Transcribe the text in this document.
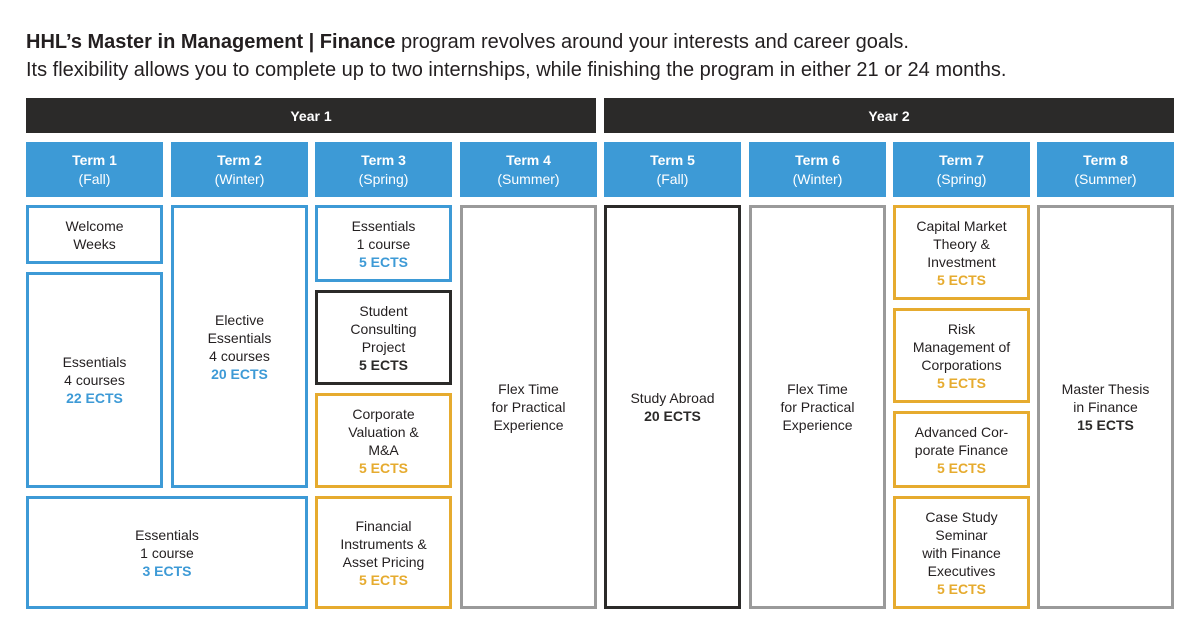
HHL’s Master in Management | Finance program revolves around your interests and career goals.

Its flexibility allows you to complete up to two internships, while finishing the program in either 21 or 24 months.

Year 1	Year 2
Term 1
(Fall)
Term 2
(Winter)
Term 3
(Spring)
Term 4
(Summer)
Term 5
(Fall)
Term 6
(Winter)
Term 7
(Spring)
Term 8
(Summer)
Welcome
Weeks
Essentials
4 courses
22 ECTS
Essentials
1 course
3 ECTS
Elective
Essentials
4 courses
20 ECTS
Essentials
1 course
5 ECTS
Student
Consulting
Project
5 ECTS
Corporate
Valuation &
M&A
5 ECTS
Financial
Instruments &
Asset Pricing
5 ECTS
Flex Time
for Practical
Experience
Study Abroad
20 ECTS
Flex Time
for Practical
Experience
Capital Market
Theory &
Investment
5 ECTS
Risk
Management of
Corporations
5 ECTS
Advanced Cor-
porate Finance
5 ECTS
Case Study
Seminar
with Finance
Executives
5 ECTS
Master Thesis
in Finance
15 ECTS
